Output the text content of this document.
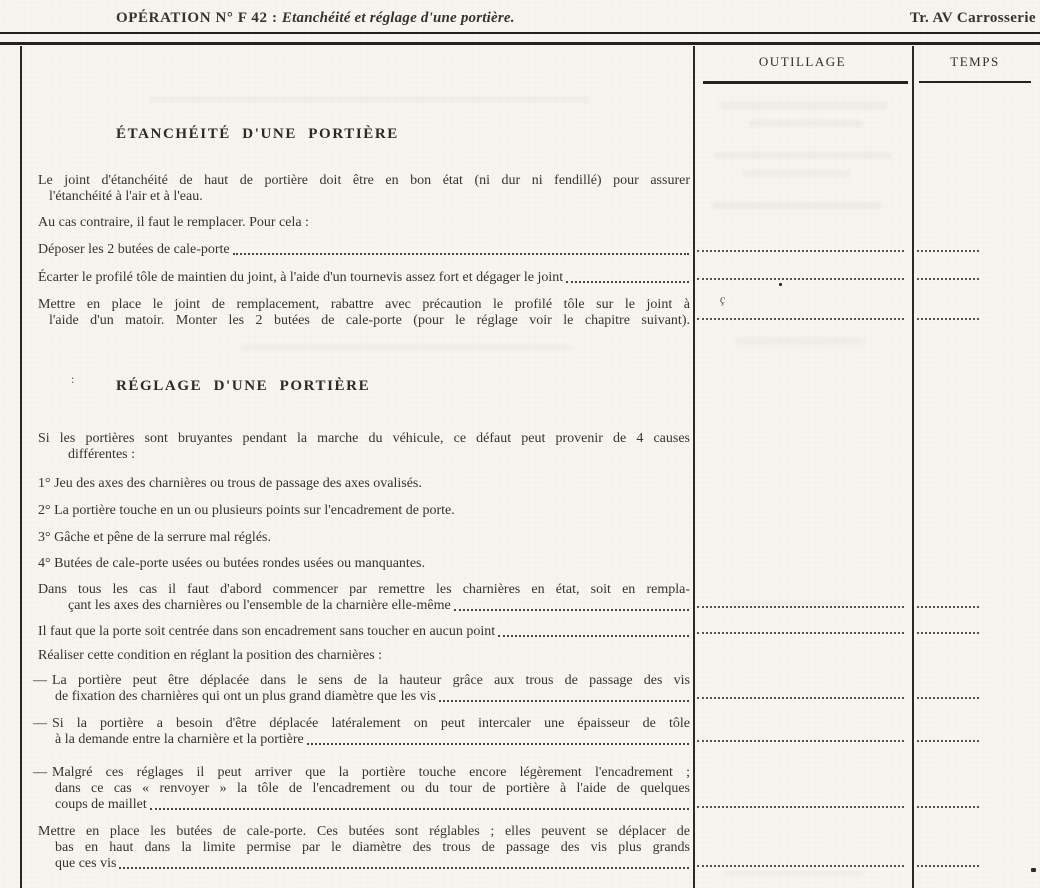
OPÉRATION N° F 42 : Etanchéité et réglage d'une portière.	Tr. AV Carrosserie
OUTILLAGE	TEMPS
ÉTANCHÉITÉ D'UNE PORTIÈRE
Le joint d'étanchéité de haut de portière doit être en bon état (ni dur ni fendillé) pour assurer
l'étanchéité à l'air et à l'eau.
Au cas contraire, il faut le remplacer. Pour cela :
Déposer les 2 butées de cale-porte
Écarter le profilé tôle de maintien du joint, à l'aide d'un tournevis assez fort et dégager le joint
Mettre en place le joint de remplacement, rabattre avec précaution le profilé tôle sur le joint à
l'aide d'un matoir. Monter les 2 butées de cale-porte (pour le réglage voir le chapitre suivant).
RÉGLAGE D'UNE PORTIÈRE
Si les portières sont bruyantes pendant la marche du véhicule, ce défaut peut provenir de 4 causes
différentes :
1° Jeu des axes des charnières ou trous de passage des axes ovalisés.
2° La portière touche en un ou plusieurs points sur l'encadrement de porte.
3° Gâche et pêne de la serrure mal réglés.
4° Butées de cale-porte usées ou butées rondes usées ou manquantes.
Dans tous les cas il faut d'abord commencer par remettre les charnières en état, soit en rempla-
çant les axes des charnières ou l'ensemble de la charnière elle-même
Il faut que la porte soit centrée dans son encadrement sans toucher en aucun point
Réaliser cette condition en réglant la position des charnières :
— La portière peut être déplacée dans le sens de la hauteur grâce aux trous de passage des vis
de fixation des charnières qui ont un plus grand diamètre que les vis
— Si la portière a besoin d'être déplacée latéralement on peut intercaler une épaisseur de tôle
à la demande entre la charnière et la portière
— Malgré ces réglages il peut arriver que la portière touche encore légèrement l'encadrement ;
dans ce cas « renvoyer » la tôle de l'encadrement ou du tour de portière à l'aide de quelques
coups de maillet
Mettre en place les butées de cale-porte. Ces butées sont réglables ; elles peuvent se déplacer de
bas en haut dans la limite permise par le diamètre des trous de passage des vis plus grands
que ces vis
ç
:
